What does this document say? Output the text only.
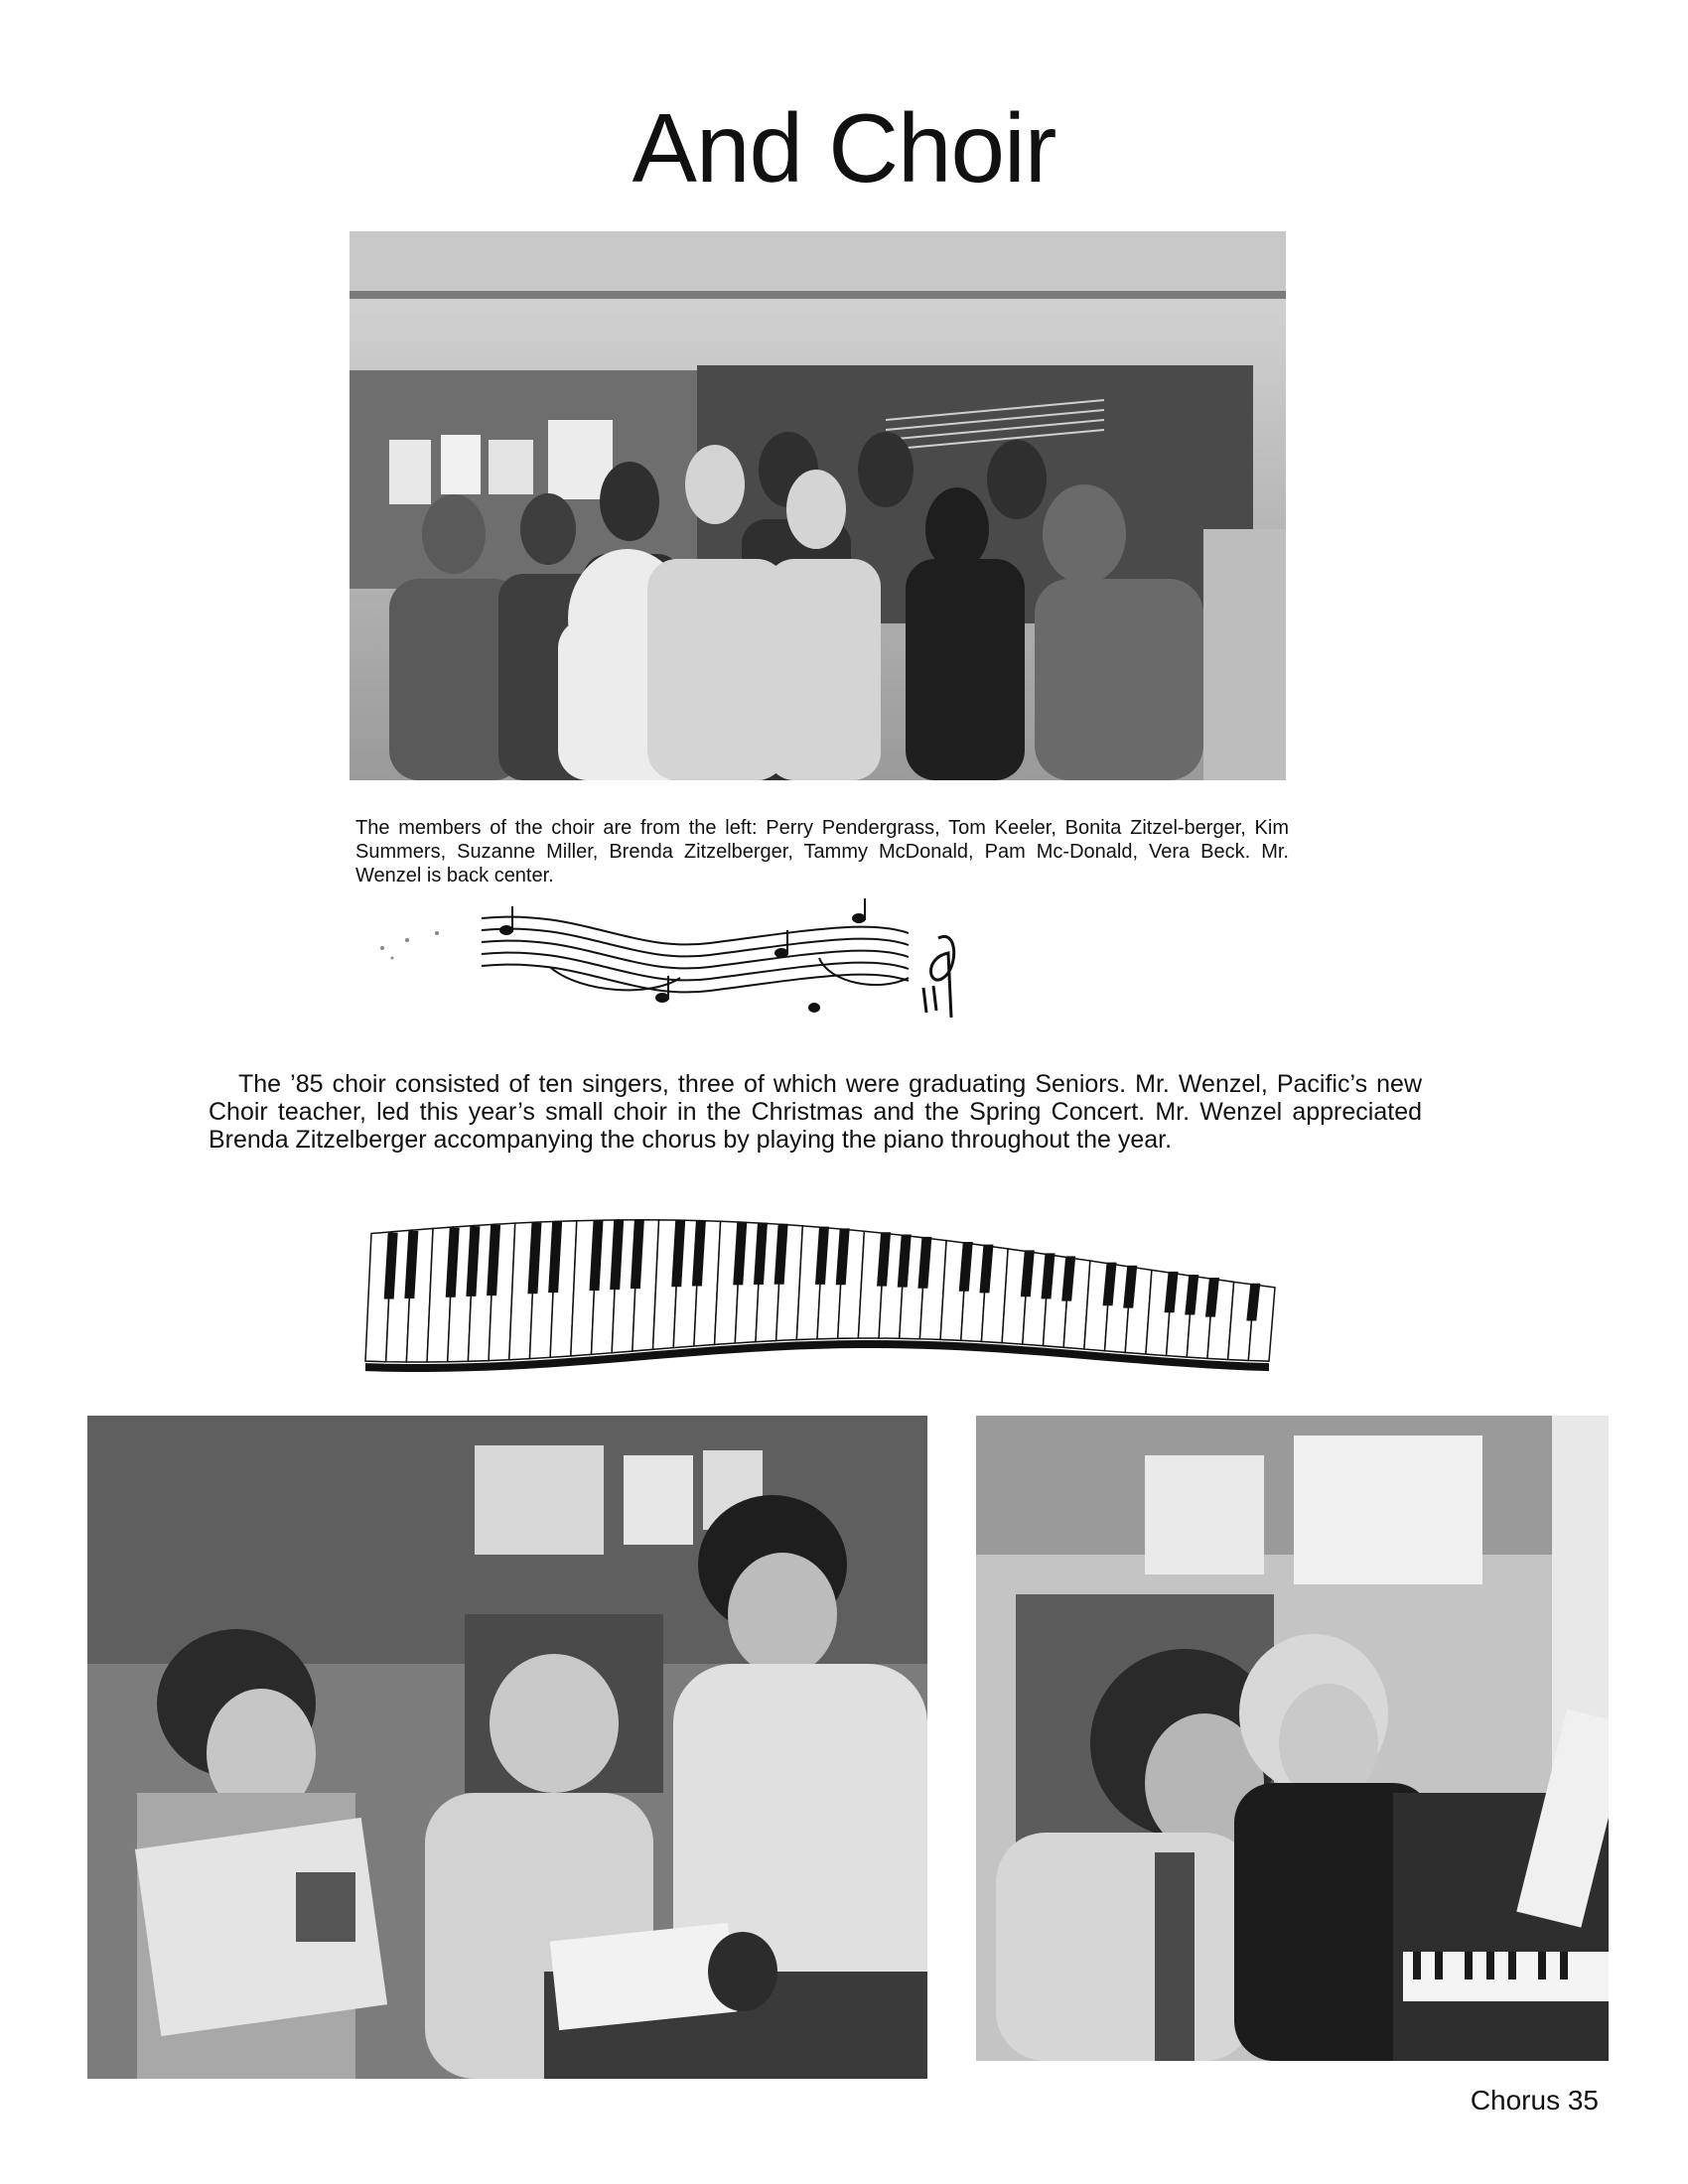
And Choir

The members of the choir are from the left: Perry Pendergrass, Tom Keeler, Bonita Zitzel-berger, Kim Summers, Suzanne Miller, Brenda Zitzelberger, Tammy McDonald, Pam Mc-Donald, Vera Beck. Mr. Wenzel is back center.

The ’85 choir consisted of ten singers, three of which were graduating Seniors. Mr. Wenzel, Pacific’s new Choir teacher, led this year’s small choir in the Christmas and the Spring Concert. Mr. Wenzel appreciated Brenda Zitzelberger accompanying the chorus by playing the piano throughout the year.

Chorus 35
